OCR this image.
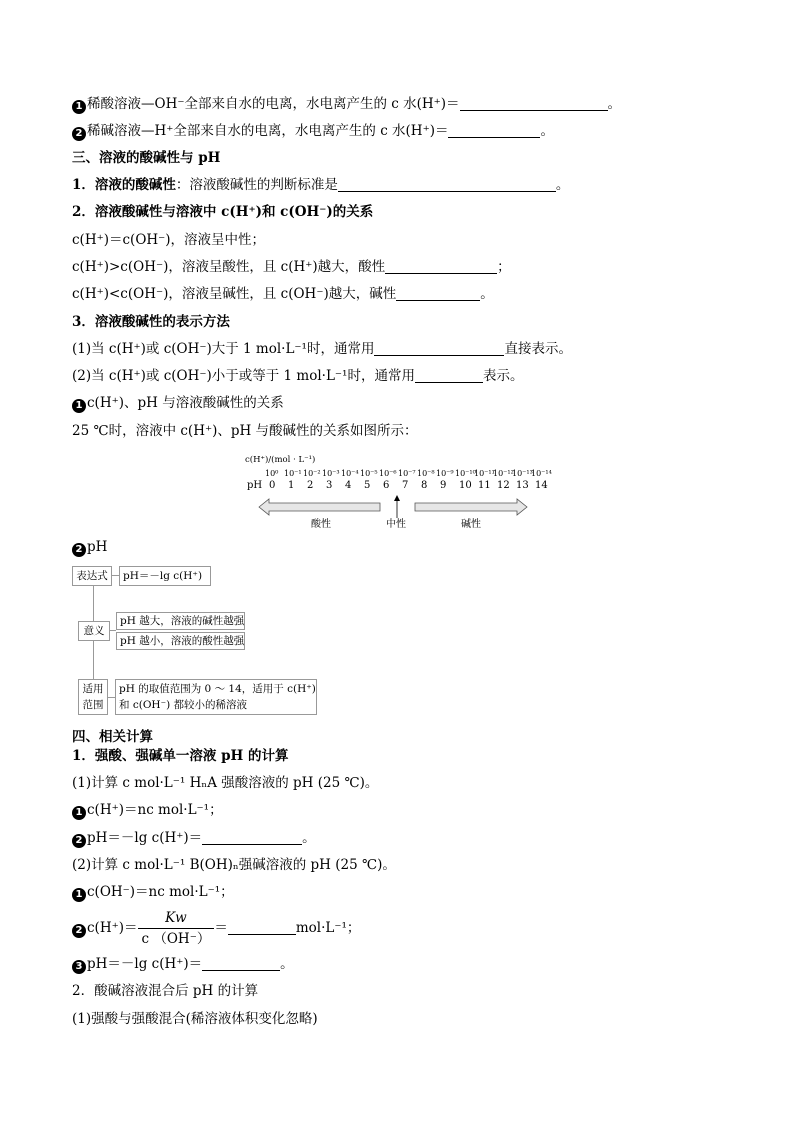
1 稀酸溶液—OH⁻全部来自水的电离，水电离产生的 c 水(H⁺)＝	。
2 稀碱溶液—H⁺全部来自水的电离，水电离产生的 c 水(H⁺)＝	。
三、溶液的酸碱性与 pH
1．溶液的酸碱性：溶液酸碱性的判断标准是	。
2．溶液酸碱性与溶液中 c(H⁺)和 c(OH⁻)的关系
c(H⁺)＝c(OH⁻)，溶液呈中性；
c(H⁺)>c(OH⁻)，溶液呈酸性，且 c(H⁺)越大，酸性	；
c(H⁺)<c(OH⁻)，溶液呈碱性，且 c(OH⁻)越大，碱性	。
3．溶液酸碱性的表示方法
(1)当 c(H⁺)或 c(OH⁻)大于 1 mol·L⁻¹时，通常用	直接表示。
(2)当 c(H⁺)或 c(OH⁻)小于或等于 1 mol·L⁻¹时，通常用	表示。
1 c(H⁺)、pH 与溶液酸碱性的关系
25 ℃时，溶液中 c(H⁺)、pH 与酸碱性的关系如图所示：
c(H⁺)/(mol · L⁻¹)
10⁰ 10⁻¹ 10⁻² 10⁻³ 10⁻⁴ 10⁻⁵ 10⁻⁶ 10⁻⁷ 10⁻⁸ 10⁻⁹ 10⁻¹⁰
10⁻¹¹
10⁻¹²
10⁻¹³
10⁻¹⁴
pH 0 1 2 3 4 5 6 7 8 9 10 11 12 13 14
酸性	中性	碱性
2 pH
表达式	pH＝－lg c(H⁺)
意义
pH 越大，溶液的碱性越强
pH 越小，溶液的酸性越强
适用
范围
pH 的取值范围为 0 ～ 14，适用于 c(H⁺)
和 c(OH⁻) 都较小的稀溶液
四、相关计算
1．强酸、强碱单一溶液 pH 的计算
(1)计算 c mol·L⁻¹ HₙA 强酸溶液的 pH (25 ℃)。
1 c(H⁺)＝nc mol·L⁻¹；
2 pH＝－lg c(H⁺)＝	。
(2)计算 c mol·L⁻¹ B(OH)ₙ强碱溶液的 pH (25 ℃)。
1 c(OH⁻)＝nc mol·L⁻¹；
2 $c(H^+)= \frac{Kw}{c (OH^-)}$ ＝	mol·L⁻¹；
3 pH＝－lg c(H⁺)＝	。
2．酸碱溶液混合后 pH 的计算
(1)强酸与强酸混合(稀溶液体积变化忽略)
